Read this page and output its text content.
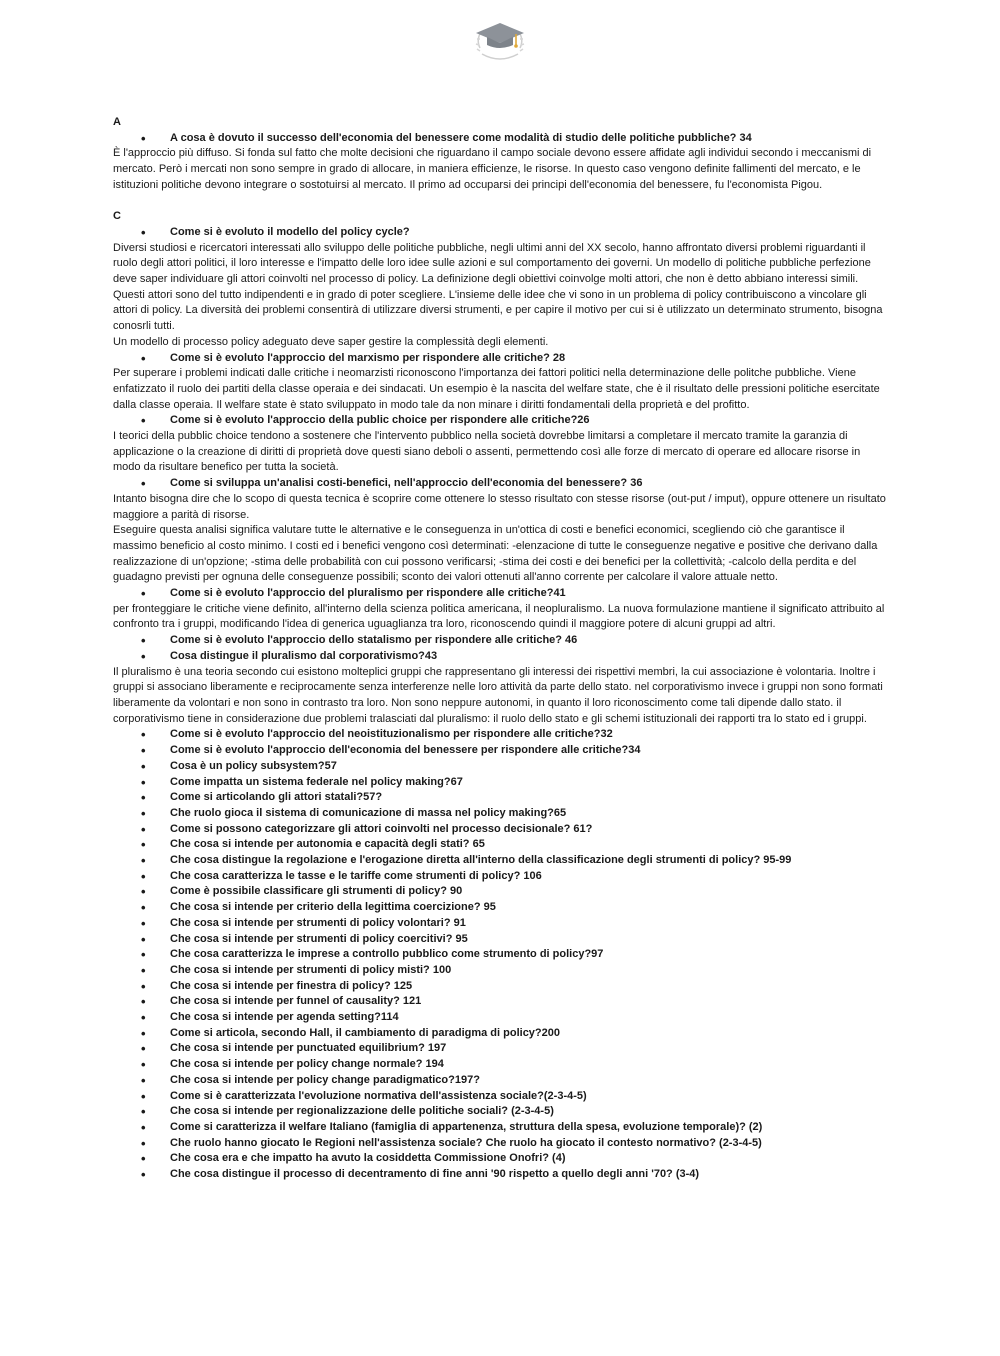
A

• A cosa è dovuto il successo dell'economia del benessere come modalità di studio delle politiche pubbliche? 34

È l'approccio più diffuso. Si fonda sul fatto che molte decisioni che riguardano il campo sociale devono essere affidate agli individui secondo i meccanismi di mercato. Però i mercati non sono sempre in grado di allocare, in maniera efficienze, le risorse. In questo caso vengono definite fallimenti del mercato, e le istituzioni politiche devono integrare o sostotuirsi al mercato. Il primo ad occuparsi dei principi dell'economia del benessere, fu l'economista Pigou.

C

• Come si è evoluto il modello del policy cycle?

Diversi studiosi e ricercatori interessati allo sviluppo delle politiche pubbliche, negli ultimi anni del XX secolo, hanno affrontato diversi problemi riguardanti il ruolo degli attori politici, il loro interesse e l'impatto delle loro idee sulle azioni e sul comportamento dei governi. Un modello di politiche pubbliche perfezione deve saper individuare gli attori coinvolti nel processo di policy. La definizione degli obiettivi coinvolge molti attori, che non è detto abbiano interessi simili. Questi attori sono del tutto indipendenti e in grado di poter scegliere. L'insieme delle idee che vi sono in un problema di policy contribuiscono a vincolare gli attori di policy. La diversità dei problemi consentirà di utilizzare diversi strumenti, e per capire il motivo per cui si è utilizzato un determinato strumento, bisogna conosrli tutti.

Un modello di processo policy adeguato deve saper gestire la complessità degli elementi.

• Come si è evoluto l'approccio del marxismo per rispondere alle critiche? 28

Per superare i problemi indicati dalle critiche i neomarzisti riconoscono l'importanza dei fattori politici nella determinazione delle politche pubbliche. Viene enfatizzato il ruolo dei partiti della classe operaia e dei sindacati. Un esempio è la nascita del welfare state, che è il risultato delle pressioni politiche esercitate dalla classe operaia. Il welfare state è stato sviluppato in modo tale da non minare i diritti fondamentali della proprietà e del profitto.

• Come si è evoluto l'approccio della public choice per rispondere alle critiche?26

I teorici della pubblic choice tendono a sostenere che l'intervento pubblico nella società dovrebbe limitarsi a completare il mercato tramite la garanzia di applicazione o la creazione di diritti di proprietà dove questi siano deboli o assenti, permettendo così alle forze di mercato di operare ed allocare risorse in modo da risultare benefico per tutta la società.

• Come si sviluppa un'analisi costi-benefici, nell'approccio dell'economia del benessere? 36

Intanto bisogna dire che lo scopo di questa tecnica è scoprire come ottenere lo stesso risultato con stesse risorse (out-put / imput), oppure ottenere un risultato maggiore a parità di risorse.

Eseguire questa analisi significa valutare tutte le alternative e le conseguenza in un'ottica di costi e benefici economici, scegliendo ciò che garantisce il massimo beneficio al costo minimo. I costi ed i benefici vengono così determinati: -elenzacione di tutte le conseguenze negative e positive che derivano dalla realizzazione di un'opzione; -stima delle probabilità con cui possono verificarsi; -stima dei costi e dei benefici per la collettività; -calcolo della perdita e del guadagno previsti per ognuna delle conseguenze possibili; sconto dei valori ottenuti all'anno corrente per calcolare il valore attuale netto.

• Come si è evoluto l'approccio del pluralismo per rispondere alle critiche?41

per fronteggiare le critiche viene definito, all'interno della scienza politica americana, il neopluralismo. La nuova formulazione mantiene il significato attribuito al confronto tra i gruppi, modificando l'idea di generica uguaglianza tra loro, riconoscendo quindi il maggiore potere di alcuni gruppi ad altri.

• Come si è evoluto l'approccio dello statalismo per rispondere alle critiche? 46

• Cosa distingue il pluralismo dal corporativismo?43

Il pluralismo è una teoria secondo cui esistono molteplici gruppi che rappresentano gli interessi dei rispettivi membri, la cui associazione è volontaria. Inoltre i gruppi si associano liberamente e reciprocamente senza interferenze nelle loro attività da parte dello stato. nel corporativismo invece i gruppi non sono formati liberamente da volontari e non sono in contrasto tra loro. Non sono neppure autonomi, in quanto il loro riconoscimento come tali dipende dallo stato. il corporativismo tiene in considerazione due problemi tralasciati dal pluralismo: il ruolo dello stato e gli schemi istituzionali dei rapporti tra lo stato ed i gruppi.

• Come si è evoluto l'approccio del neoistituzionalismo per rispondere alle critiche?32

• Come si è evoluto l'approccio dell'economia del benessere per rispondere alle critiche?34

• Cosa è un policy subsystem?57

• Come impatta un sistema federale nel policy making?67

• Come si articolando gli attori statali?57?

• Che ruolo gioca il sistema di comunicazione di massa nel policy making?65

• Come si possono categorizzare gli attori coinvolti nel processo decisionale? 61?

• Che cosa si intende per autonomia e capacità degli stati? 65

• Che cosa distingue la regolazione e l'erogazione diretta all'interno della classificazione degli strumenti di policy? 95-99

• Che cosa caratterizza le tasse e le tariffe come strumenti di policy? 106

• Come è possibile classificare gli strumenti di policy? 90

• Che cosa si intende per criterio della legittima coercizione? 95

• Che cosa si intende per strumenti di policy volontari? 91

• Che cosa si intende per strumenti di policy coercitivi? 95

• Che cosa caratterizza le imprese a controllo pubblico come strumento di policy?97

• Che cosa si intende per strumenti di policy misti? 100

• Che cosa si intende per finestra di policy? 125

• Che cosa si intende per funnel of causality? 121

• Che cosa si intende per agenda setting?114

• Come si articola, secondo Hall, il cambiamento di paradigma di policy?200

• Che cosa si intende per punctuated equilibrium? 197

• Che cosa si intende per policy change normale? 194

• Che cosa si intende per policy change paradigmatico?197?

• Come si è caratterizzata l'evoluzione normativa dell'assistenza sociale?(2-3-4-5)

• Che cosa si intende per regionalizzazione delle politiche sociali? (2-3-4-5)

• Come si caratterizza il welfare Italiano (famiglia di appartenenza, struttura della spesa, evoluzione temporale)? (2)

• Che ruolo hanno giocato le Regioni nell'assistenza sociale? Che ruolo ha giocato il contesto normativo? (2-3-4-5)

• Che cosa era e che impatto ha avuto la cosiddetta Commissione Onofri? (4)

• Che cosa distingue il processo di decentramento di fine anni '90 rispetto a quello degli anni '70? (3-4)
